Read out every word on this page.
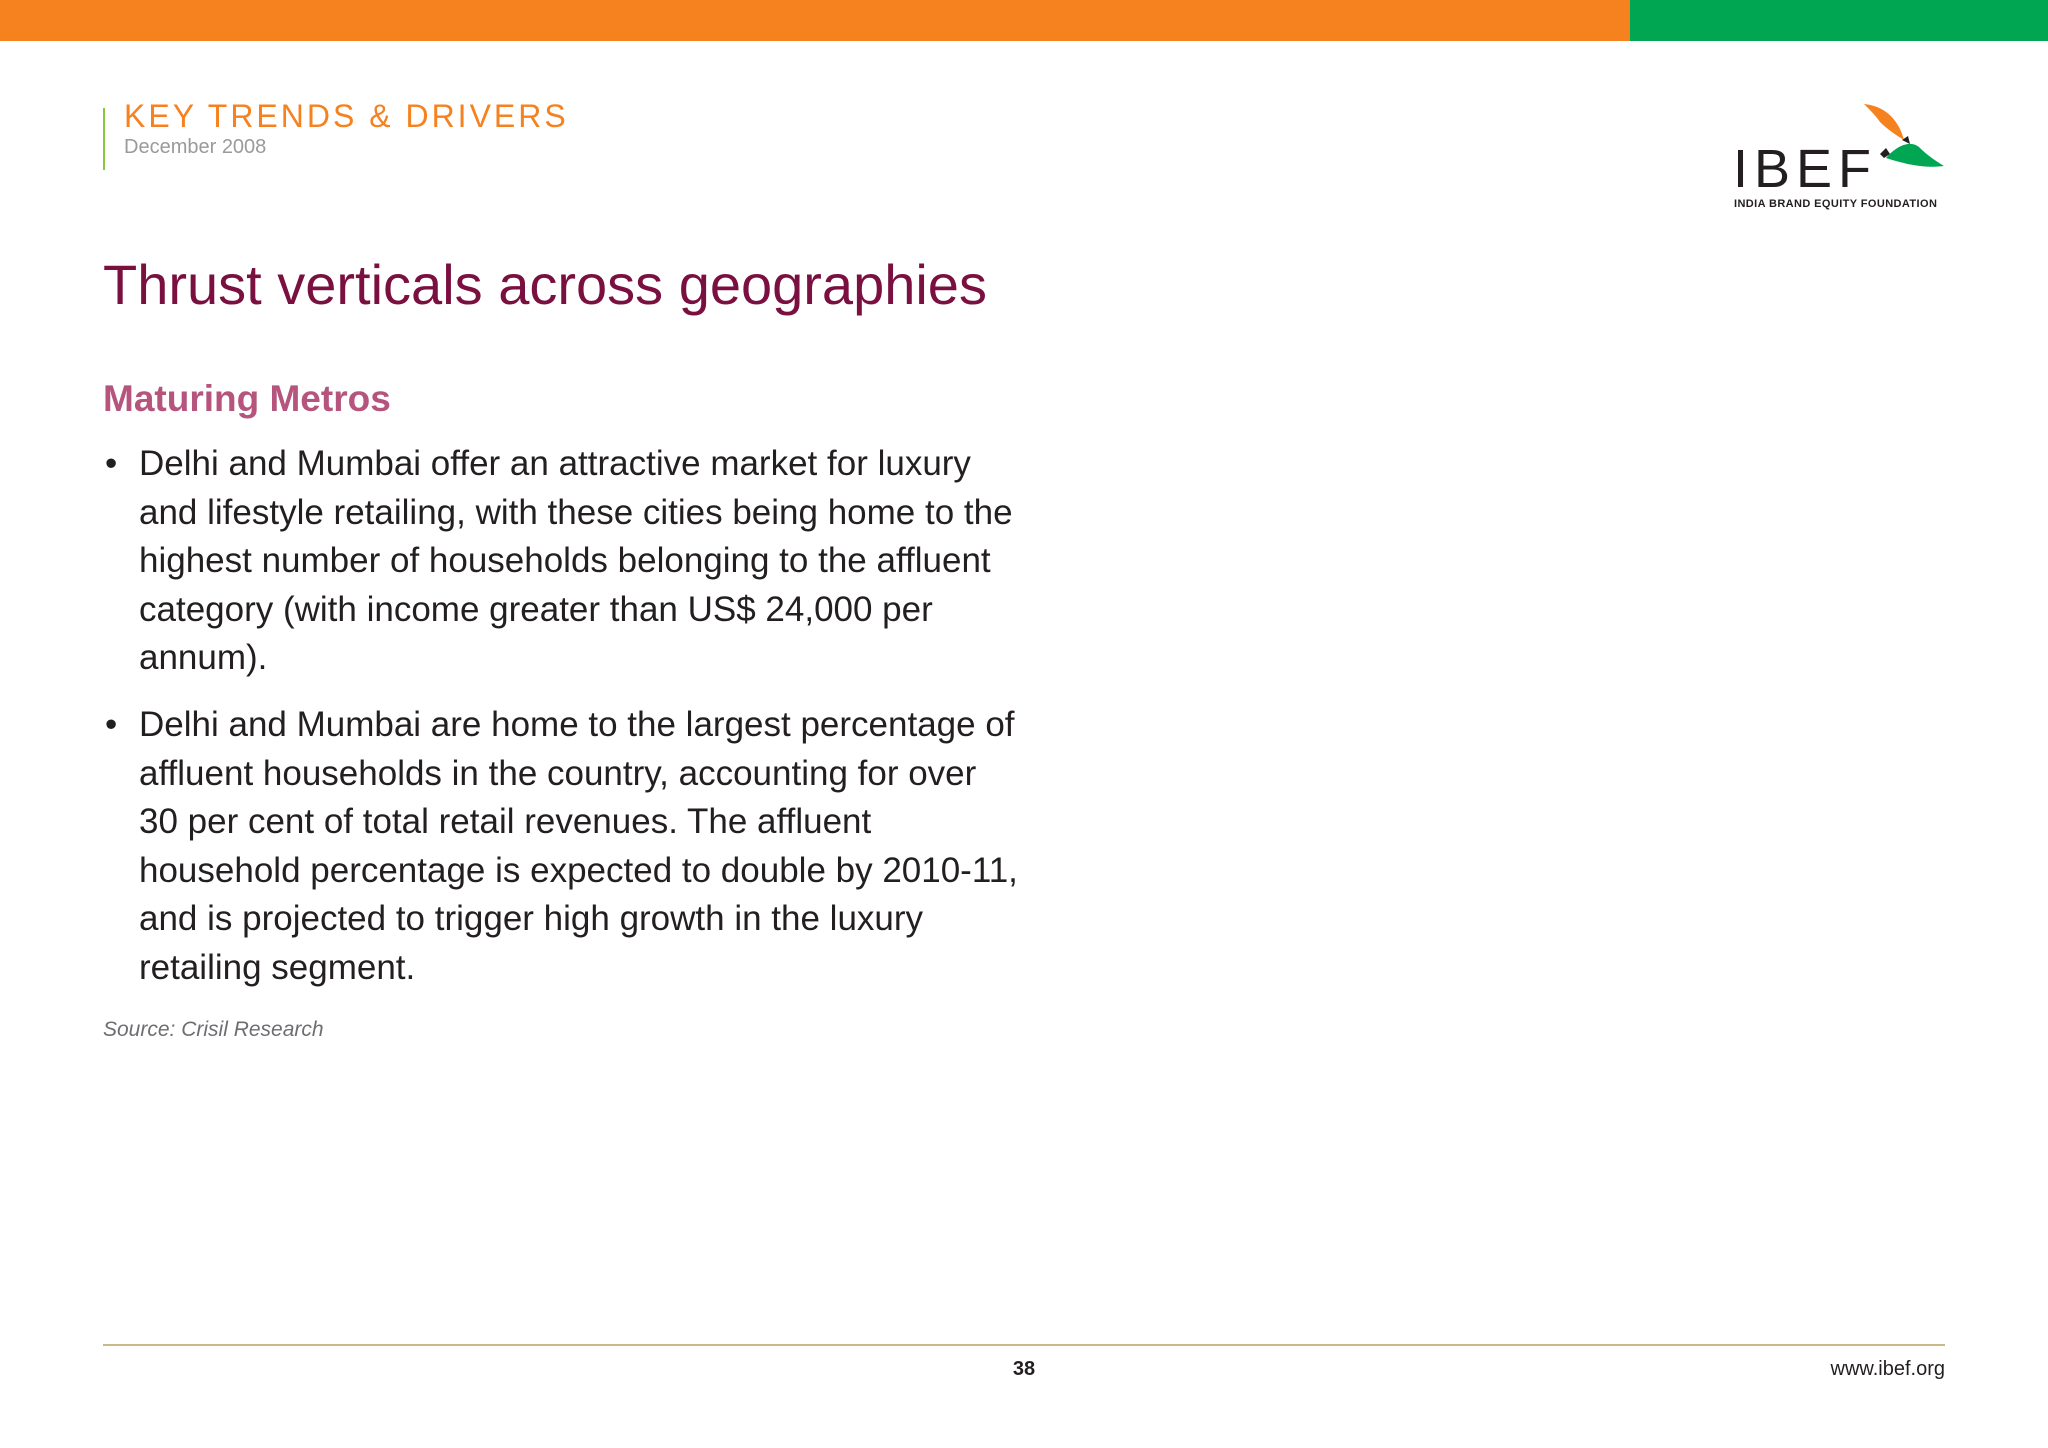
KEY TRENDS & DRIVERS
December 2008	IBEF
INDIA BRAND EQUITY FOUNDATION
Thrust verticals across geographies
Maturing Metros
• Delhi and Mumbai offer an attractive market for luxury and lifestyle retailing, with these cities being home to the highest number of households belonging to the affluent category (with income greater than US$ 24,000 per annum).
• Delhi and Mumbai are home to the largest percentage of affluent households in the country, accounting for over 30 per cent of total retail revenues. The affluent household percentage is expected to double by 2010-11, and is projected to trigger high growth in the luxury retailing segment.
Source: Crisil Research
38	www.ibef.org
